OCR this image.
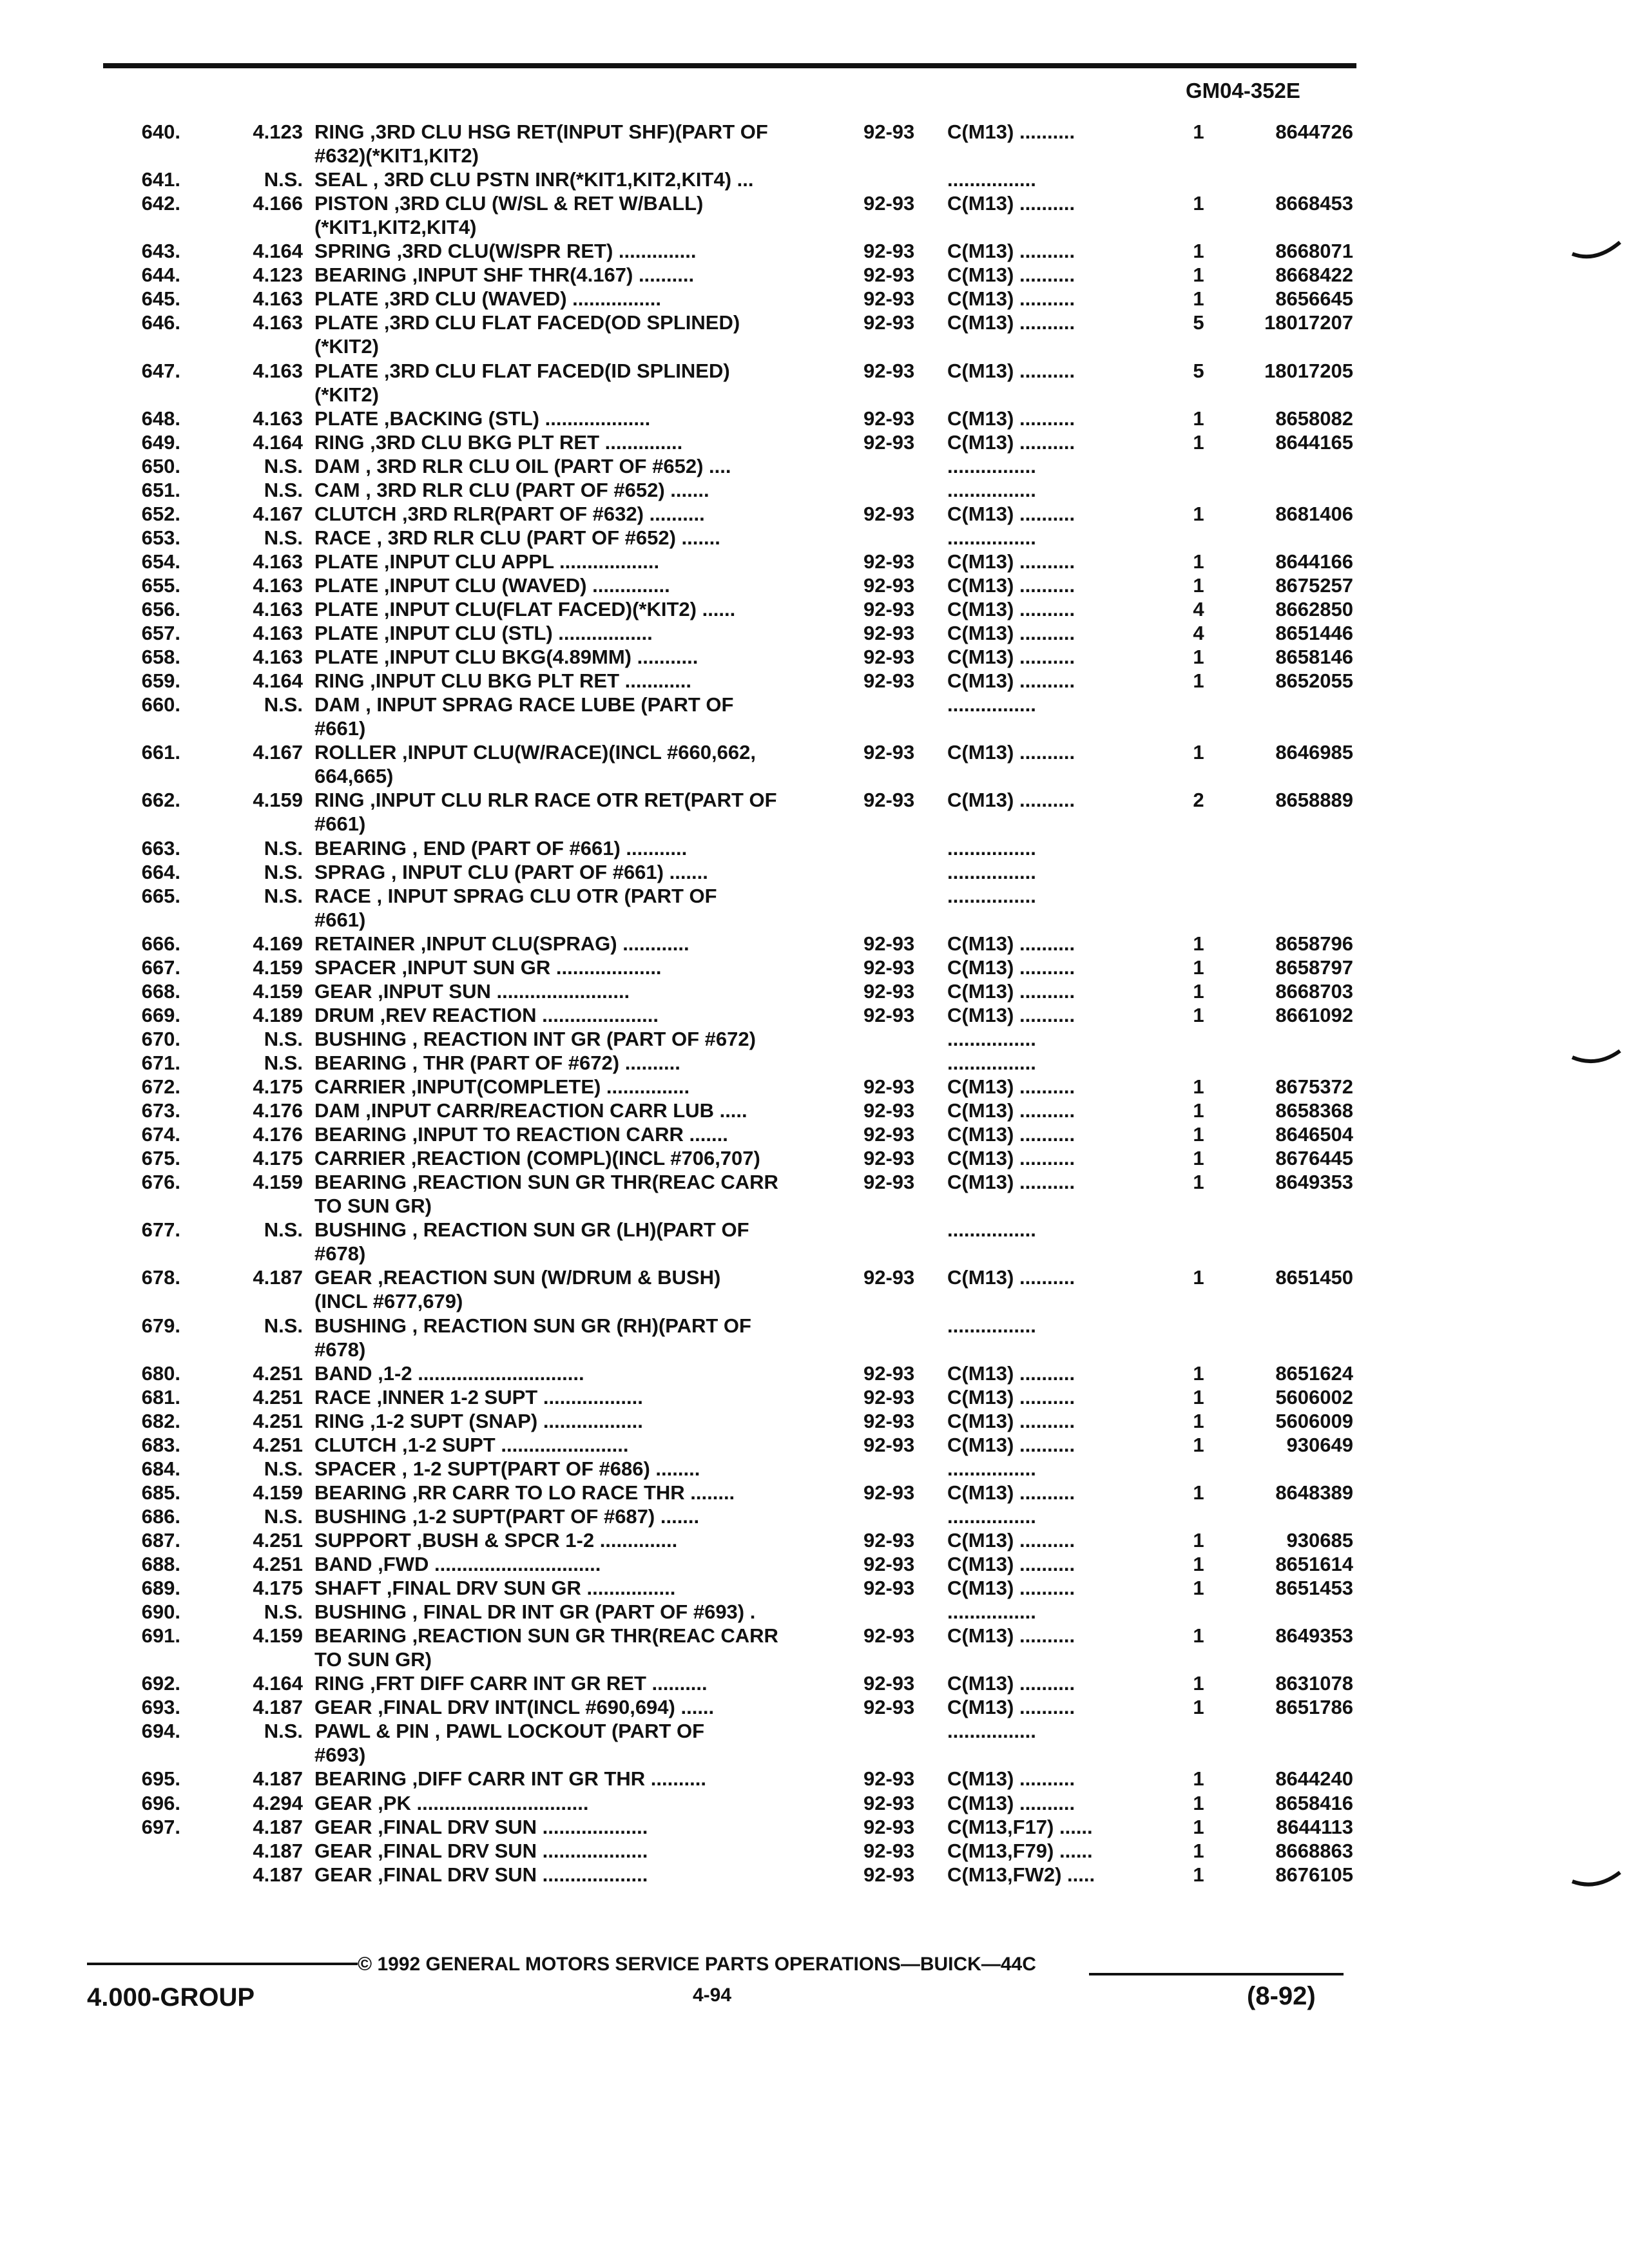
GM04-352E
640.	4.123 RING ,3RD CLU HSG RET(INPUT SHF)(PART OF	92-93 C(M13) ..........	1	8644726
#632)(*KIT1,KIT2)
641.	N.S. SEAL , 3RD CLU PSTN INR(*KIT1,KIT2,KIT4) ...	................
642.	4.166 PISTON ,3RD CLU (W/SL & RET W/BALL)	92-93 C(M13) ..........	1	8668453
(*KIT1,KIT2,KIT4)
643.	4.164 SPRING ,3RD CLU(W/SPR RET) ..............	92-93 C(M13) ..........	1	8668071
644.	4.123 BEARING ,INPUT SHF THR(4.167) ..........	92-93 C(M13) ..........	1	8668422
645.	4.163 PLATE ,3RD CLU (WAVED) ................	92-93 C(M13) ..........	1	8656645
646.	4.163 PLATE ,3RD CLU FLAT FACED(OD SPLINED)	92-93 C(M13) ..........	5	18017207
(*KIT2)
647.	4.163 PLATE ,3RD CLU FLAT FACED(ID SPLINED)	92-93 C(M13) ..........	5	18017205
(*KIT2)
648.	4.163 PLATE ,BACKING (STL) ...................	92-93 C(M13) ..........	1	8658082
649.	4.164 RING ,3RD CLU BKG PLT RET ..............	92-93 C(M13) ..........	1	8644165
650.	N.S. DAM , 3RD RLR CLU OIL (PART OF #652) ....	................
651.	N.S. CAM , 3RD RLR CLU (PART OF #652) .......	................
652.	4.167 CLUTCH ,3RD RLR(PART OF #632) ..........	92-93 C(M13) ..........	1	8681406
653.	N.S. RACE , 3RD RLR CLU (PART OF #652) .......	................
654.	4.163 PLATE ,INPUT CLU APPL ..................	92-93 C(M13) ..........	1	8644166
655.	4.163 PLATE ,INPUT CLU (WAVED) ..............	92-93 C(M13) ..........	1	8675257
656.	4.163 PLATE ,INPUT CLU(FLAT FACED)(*KIT2) ......	92-93 C(M13) ..........	4	8662850
657.	4.163 PLATE ,INPUT CLU (STL) .................	92-93 C(M13) ..........	4	8651446
658.	4.163 PLATE ,INPUT CLU BKG(4.89MM) ...........	92-93 C(M13) ..........	1	8658146
659.	4.164 RING ,INPUT CLU BKG PLT RET ............	92-93 C(M13) ..........	1	8652055
660.	N.S. DAM , INPUT SPRAG RACE LUBE (PART OF	................
#661)
661.	4.167 ROLLER ,INPUT CLU(W/RACE)(INCL #660,662,	92-93 C(M13) ..........	1	8646985
664,665)
662.	4.159 RING ,INPUT CLU RLR RACE OTR RET(PART OF	92-93 C(M13) ..........	2	8658889
#661)
663.	N.S. BEARING , END (PART OF #661) ...........	................
664.	N.S. SPRAG , INPUT CLU (PART OF #661) .......	................
665.	N.S. RACE , INPUT SPRAG CLU OTR (PART OF	................
#661)
666.	4.169 RETAINER ,INPUT CLU(SPRAG) ............	92-93 C(M13) ..........	1	8658796
667.	4.159 SPACER ,INPUT SUN GR ...................	92-93 C(M13) ..........	1	8658797
668.	4.159 GEAR ,INPUT SUN ........................	92-93 C(M13) ..........	1	8668703
669.	4.189 DRUM ,REV REACTION .....................	92-93 C(M13) ..........	1	8661092
670.	N.S. BUSHING , REACTION INT GR (PART OF #672)	................
671.	N.S. BEARING , THR (PART OF #672) ..........	................
672.	4.175 CARRIER ,INPUT(COMPLETE) ...............	92-93 C(M13) ..........	1	8675372
673.	4.176 DAM ,INPUT CARR/REACTION CARR LUB .....	92-93 C(M13) ..........	1	8658368
674.	4.176 BEARING ,INPUT TO REACTION CARR .......	92-93 C(M13) ..........	1	8646504
675.	4.175 CARRIER ,REACTION (COMPL)(INCL #706,707)	92-93 C(M13) ..........	1	8676445
676.	4.159 BEARING ,REACTION SUN GR THR(REAC CARR	92-93 C(M13) ..........	1	8649353
TO SUN GR)
677.	N.S. BUSHING , REACTION SUN GR (LH)(PART OF	................
#678)
678.	4.187 GEAR ,REACTION SUN (W/DRUM & BUSH)	92-93 C(M13) ..........	1	8651450
(INCL #677,679)
679.	N.S. BUSHING , REACTION SUN GR (RH)(PART OF	................
#678)
680.	4.251 BAND ,1-2 ..............................	92-93 C(M13) ..........	1	8651624
681.	4.251 RACE ,INNER 1-2 SUPT ..................	92-93 C(M13) ..........	1	5606002
682.	4.251 RING ,1-2 SUPT (SNAP) ..................	92-93 C(M13) ..........	1	5606009
683.	4.251 CLUTCH ,1-2 SUPT .......................	92-93 C(M13) ..........	1	930649
684.	N.S. SPACER , 1-2 SUPT(PART OF #686) ........	................
685.	4.159 BEARING ,RR CARR TO LO RACE THR ........	92-93 C(M13) ..........	1	8648389
686.	N.S. BUSHING ,1-2 SUPT(PART OF #687) .......	................
687.	4.251 SUPPORT ,BUSH & SPCR 1-2 ..............	92-93 C(M13) ..........	1	930685
688.	4.251 BAND ,FWD ..............................	92-93 C(M13) ..........	1	8651614
689.	4.175 SHAFT ,FINAL DRV SUN GR ................	92-93 C(M13) ..........	1	8651453
690.	N.S. BUSHING , FINAL DR INT GR (PART OF #693) .	................
691.	4.159 BEARING ,REACTION SUN GR THR(REAC CARR	92-93 C(M13) ..........	1	8649353
TO SUN GR)
692.	4.164 RING ,FRT DIFF CARR INT GR RET ..........	92-93 C(M13) ..........	1	8631078
693.	4.187 GEAR ,FINAL DRV INT(INCL #690,694) ......	92-93 C(M13) ..........	1	8651786
694.	N.S. PAWL & PIN , PAWL LOCKOUT (PART OF	................
#693)
695.	4.187 BEARING ,DIFF CARR INT GR THR ..........	92-93 C(M13) ..........	1	8644240
696.	4.294 GEAR ,PK ...............................	92-93 C(M13) ..........	1	8658416
697.	4.187 GEAR ,FINAL DRV SUN ...................	92-93 C(M13,F17) ......	1	8644113
4.187 GEAR ,FINAL DRV SUN ...................	92-93 C(M13,F79) ......	1	8668863
4.187 GEAR ,FINAL DRV SUN ...................	92-93 C(M13,FW2) .....	1	8676105
© 1992 GENERAL MOTORS SERVICE PARTS OPERATIONS—BUICK—44C
4.000-GROUP	4-94	(8-92)
